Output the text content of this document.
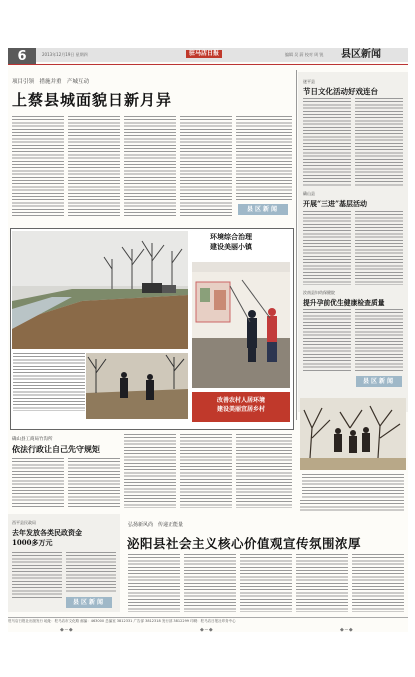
6	2013年12月19日 星期四	驻马店日报	编辑 吴 蔚 校对 周 锐 县区新闻
项目引领　措施并重　产城互动
上蔡县城面貌日新月异
县区新闻
遂平县
节日文化活动好戏连台
确山县
开展“三进”基层活动
汝南县妇幼保健院
提升孕前优生健康检查质量
县区新闻
环境综合治理
建设美丽小镇
改善农村人居环境
建设美丽宜居乡村
确山县工商局竹沟所
依法行政让自己先守规矩
西平县民政局
去年发放各类民政资金
1000多万元
县区新闻
弘扬新风尚　传递正能量
泌阳县社会主义核心价值观宣传氛围浓厚
驻马店日报社出版发行 地址：驻马店市文化路 邮编：463000 总编室 3812331 广告部 3812318 发行部 3812299 印刷：驻马店日报社印务中心
◆─◆	◆─◆	◆─◆
